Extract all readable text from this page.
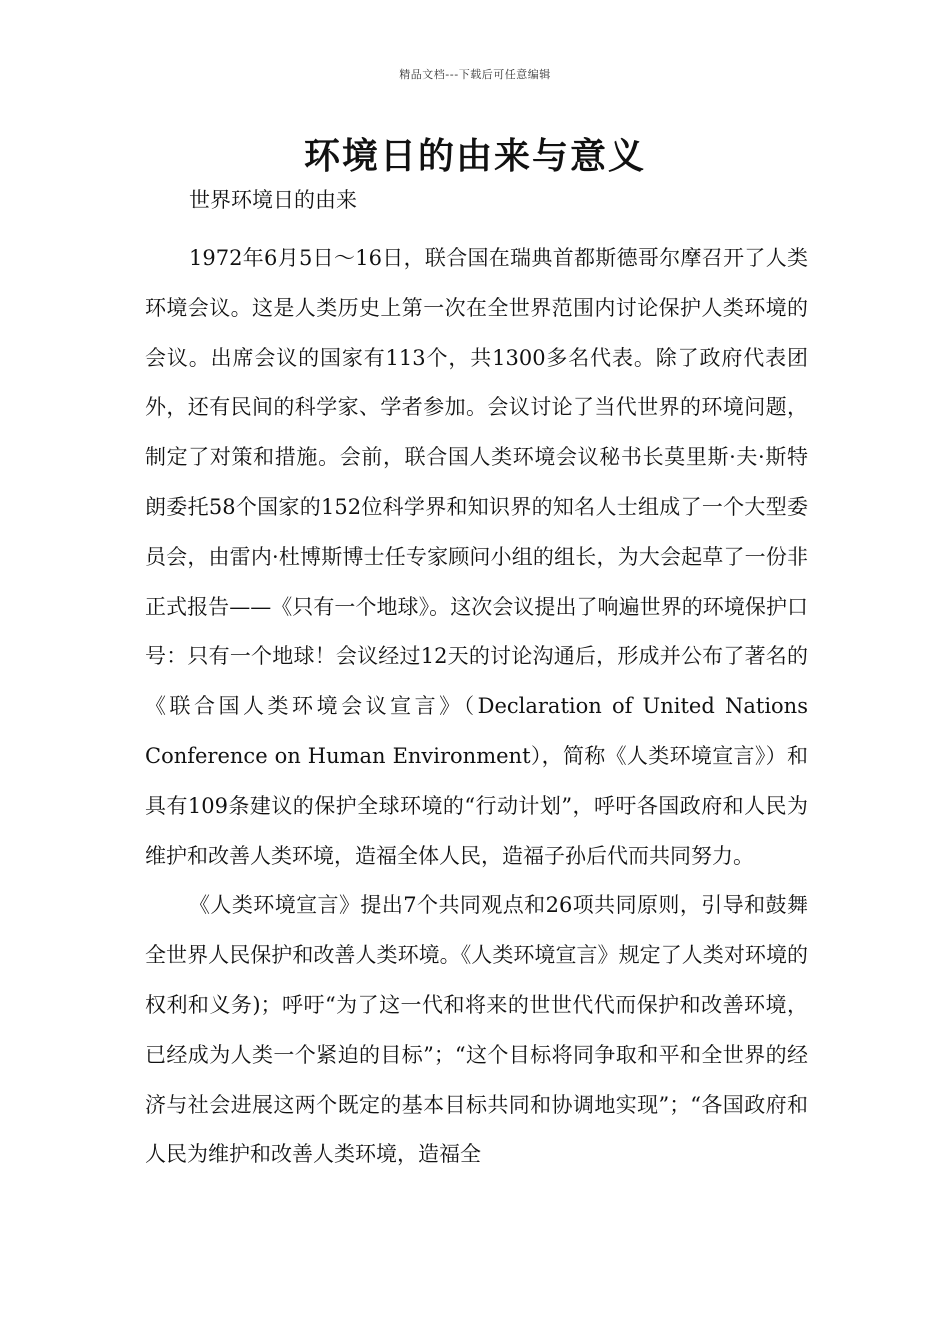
精品文档---下载后可任意编辑
环境日的由来与意义
世界环境日的由来

1972年6月5日～16日，联合国在瑞典首都斯德哥尔摩召开了人类环境会议。这是人类历史上第一次在全世界范围内讨论保护人类环境的会议。出席会议的国家有113个，共1300多名代表。除了政府代表团外，还有民间的科学家、学者参加。会议讨论了当代世界的环境问题，制定了对策和措施。会前，联合国人类环境会议秘书长莫里斯·夫·斯特朗委托58个国家的152位科学界和知识界的知名人士组成了一个大型委员会，由雷内·杜博斯博士任专家顾问小组的组长，为大会起草了一份非正式报告——《只有一个地球》。这次会议提出了响遍世界的环境保护口号：只有一个地球！会议经过12天的讨论沟通后，形成并公布了著名的《联合国人类环境会议宣言》（Declaration of United Nations Conference on Human Environment），简称《人类环境宣言》）和具有109条建议的保护全球环境的“行动计划”，呼吁各国政府和人民为维护和改善人类环境，造福全体人民，造福子孙后代而共同努力。

《人类环境宣言》提出7个共同观点和26项共同原则，引导和鼓舞全世界人民保护和改善人类环境。《人类环境宣言》规定了人类对环境的权利和义务)；呼吁“为了这一代和将来的世世代代而保护和改善环境，已经成为人类一个紧迫的目标”；“这个目标将同争取和平和全世界的经济与社会进展这两个既定的基本目标共同和协调地实现”；“各国政府和人民为维护和改善人类环境，造福全
